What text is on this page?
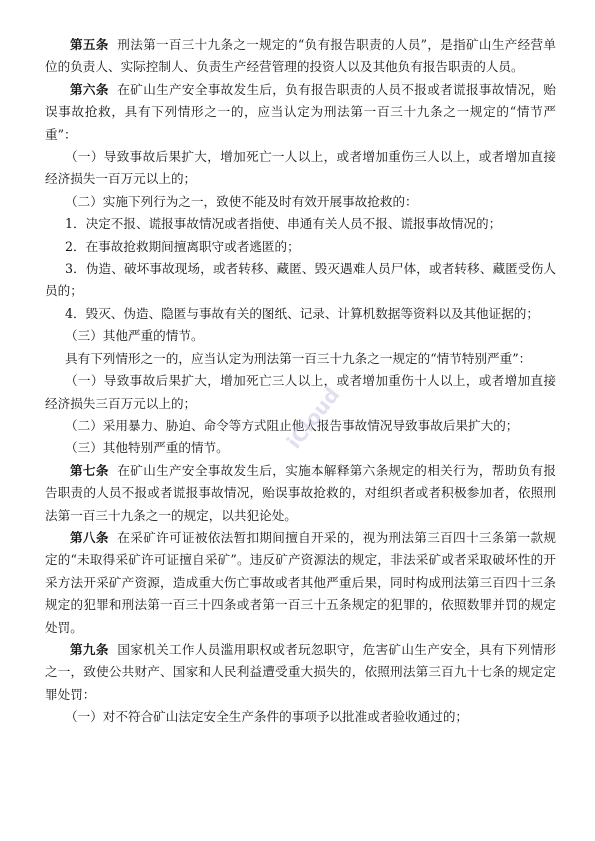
第五条 刑法第一百三十九条之一规定的“负有报告职责的人员”，是指矿山生产经营单位的负责人、实际控制人、负责生产经营管理的投资人以及其他负有报告职责的人员。

第六条 在矿山生产安全事故发生后，负有报告职责的人员不报或者谎报事故情况，贻误事故抢救，具有下列情形之一的，应当认定为刑法第一百三十九条之一规定的“情节严重”：

（一）导致事故后果扩大，增加死亡一人以上，或者增加重伤三人以上，或者增加直接经济损失一百万元以上的；

（二）实施下列行为之一，致使不能及时有效开展事故抢救的：

1．决定不报、谎报事故情况或者指使、串通有关人员不报、谎报事故情况的；

2．在事故抢救期间擅离职守或者逃匿的；

3．伪造、破坏事故现场，或者转移、藏匿、毁灭遇难人员尸体，或者转移、藏匿受伤人员的；

4．毁灭、伪造、隐匿与事故有关的图纸、记录、计算机数据等资料以及其他证据的；

（三）其他严重的情节。

具有下列情形之一的，应当认定为刑法第一百三十九条之一规定的“情节特别严重”：

（一）导致事故后果扩大，增加死亡三人以上，或者增加重伤十人以上，或者增加直接经济损失三百万元以上的；

（二）采用暴力、胁迫、命令等方式阻止他人报告事故情况导致事故后果扩大的；

（三）其他特别严重的情节。

第七条 在矿山生产安全事故发生后，实施本解释第六条规定的相关行为，帮助负有报告职责的人员不报或者谎报事故情况，贻误事故抢救的，对组织者或者积极参加者，依照刑法第一百三十九条之一的规定，以共犯论处。

第八条 在采矿许可证被依法暂扣期间擅自开采的，视为刑法第三百四十三条第一款规定的“未取得采矿许可证擅自采矿”。违反矿产资源法的规定，非法采矿或者采取破坏性的开采方法开采矿产资源，造成重大伤亡事故或者其他严重后果，同时构成刑法第三百四十三条规定的犯罪和刑法第一百三十四条或者第一百三十五条规定的犯罪的，依照数罪并罚的规定处罚。

第九条 国家机关工作人员滥用职权或者玩忽职守，危害矿山生产安全，具有下列情形之一，致使公共财产、国家和人民利益遭受重大损失的，依照刑法第三百九十七条的规定定罪处罚：

（一）对不符合矿山法定安全生产条件的事项予以批准或者验收通过的；

iCloud
